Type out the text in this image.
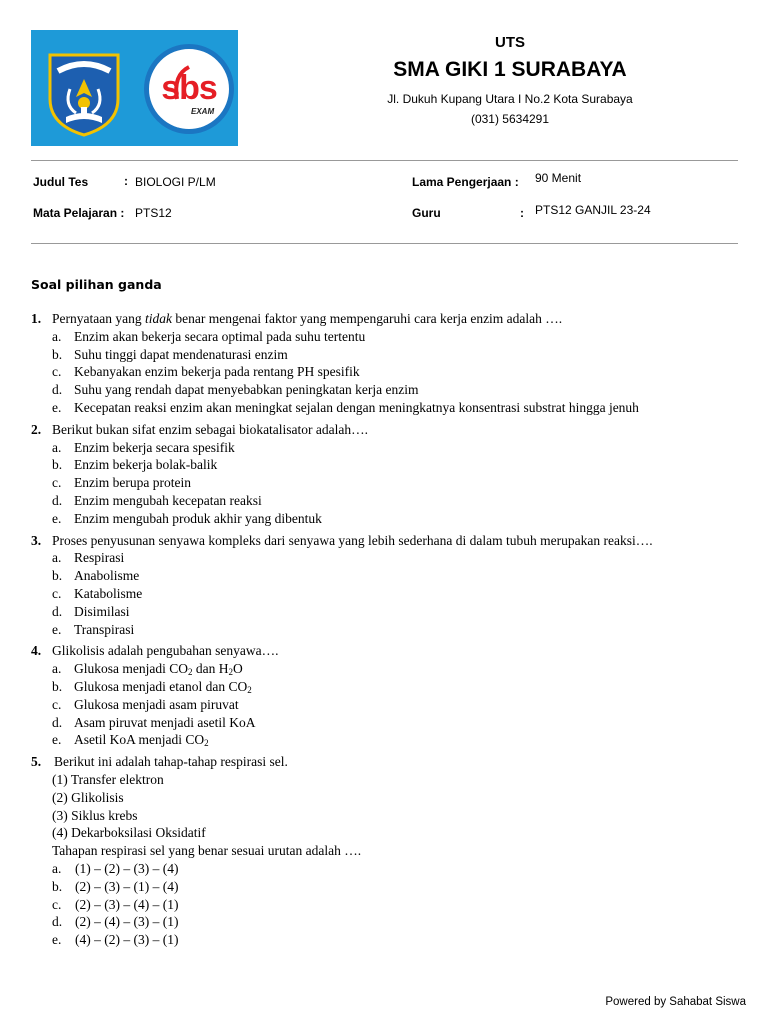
sbs
EXAM
UTS
SMA GIKI 1 SURABAYA
Jl. Dukuh Kupang Utara I No.2 Kota Surabaya
(031) 5634291
Judul Tes	: BIOLOGI P/LM	Lama Pengerjaan : 90 Menit
Mata Pelajaran : PTS12	Guru	: PTS12 GANJIL 23-24
Soal pilihan ganda
1. Pernyataan yang tidak benar mengenai faktor yang mempengaruhi cara kerja enzim adalah ….
a. Enzim akan bekerja secara optimal pada suhu tertentu
b. Suhu tinggi dapat mendenaturasi enzim
c. Kebanyakan enzim bekerja pada rentang PH spesifik
d. Suhu yang rendah dapat menyebabkan peningkatan kerja enzim
e. Kecepatan reaksi enzim akan meningkat sejalan dengan meningkatnya konsentrasi substrat hingga jenuh
2. Berikut bukan sifat enzim sebagai biokatalisator adalah….
a. Enzim bekerja secara spesifik
b. Enzim bekerja bolak-balik
c. Enzim berupa protein
d. Enzim mengubah kecepatan reaksi
e. Enzim mengubah produk akhir yang dibentuk
3. Proses penyusunan senyawa kompleks dari senyawa yang lebih sederhana di dalam tubuh merupakan reaksi….
a. Respirasi
b. Anabolisme
c. Katabolisme
d. Disimilasi
e. Transpirasi
4. Glikolisis adalah pengubahan senyawa….
a. Glukosa menjadi $CO_2$ dan $H_2O$
b. Glukosa menjadi etanol dan $CO_2$
c. Glukosa menjadi asam piruvat
d. Asam piruvat menjadi asetil KoA
e. Asetil KoA menjadi $CO_2$
5. Berikut ini adalah tahap-tahap respirasi sel.
(1) Transfer elektron
(2) Glikolisis
(3) Siklus krebs
(4) Dekarboksilasi Oksidatif
Tahapan respirasi sel yang benar sesuai urutan adalah ….
a.	(1) – (2) – (3) – (4)
b. (2) – (3) – (1) – (4)
c.	(2) – (3) – (4) – (1)
d. (2) – (4) – (3) – (1)
e.	(4) – (2) – (3) – (1)
Powered by Sahabat Siswa
